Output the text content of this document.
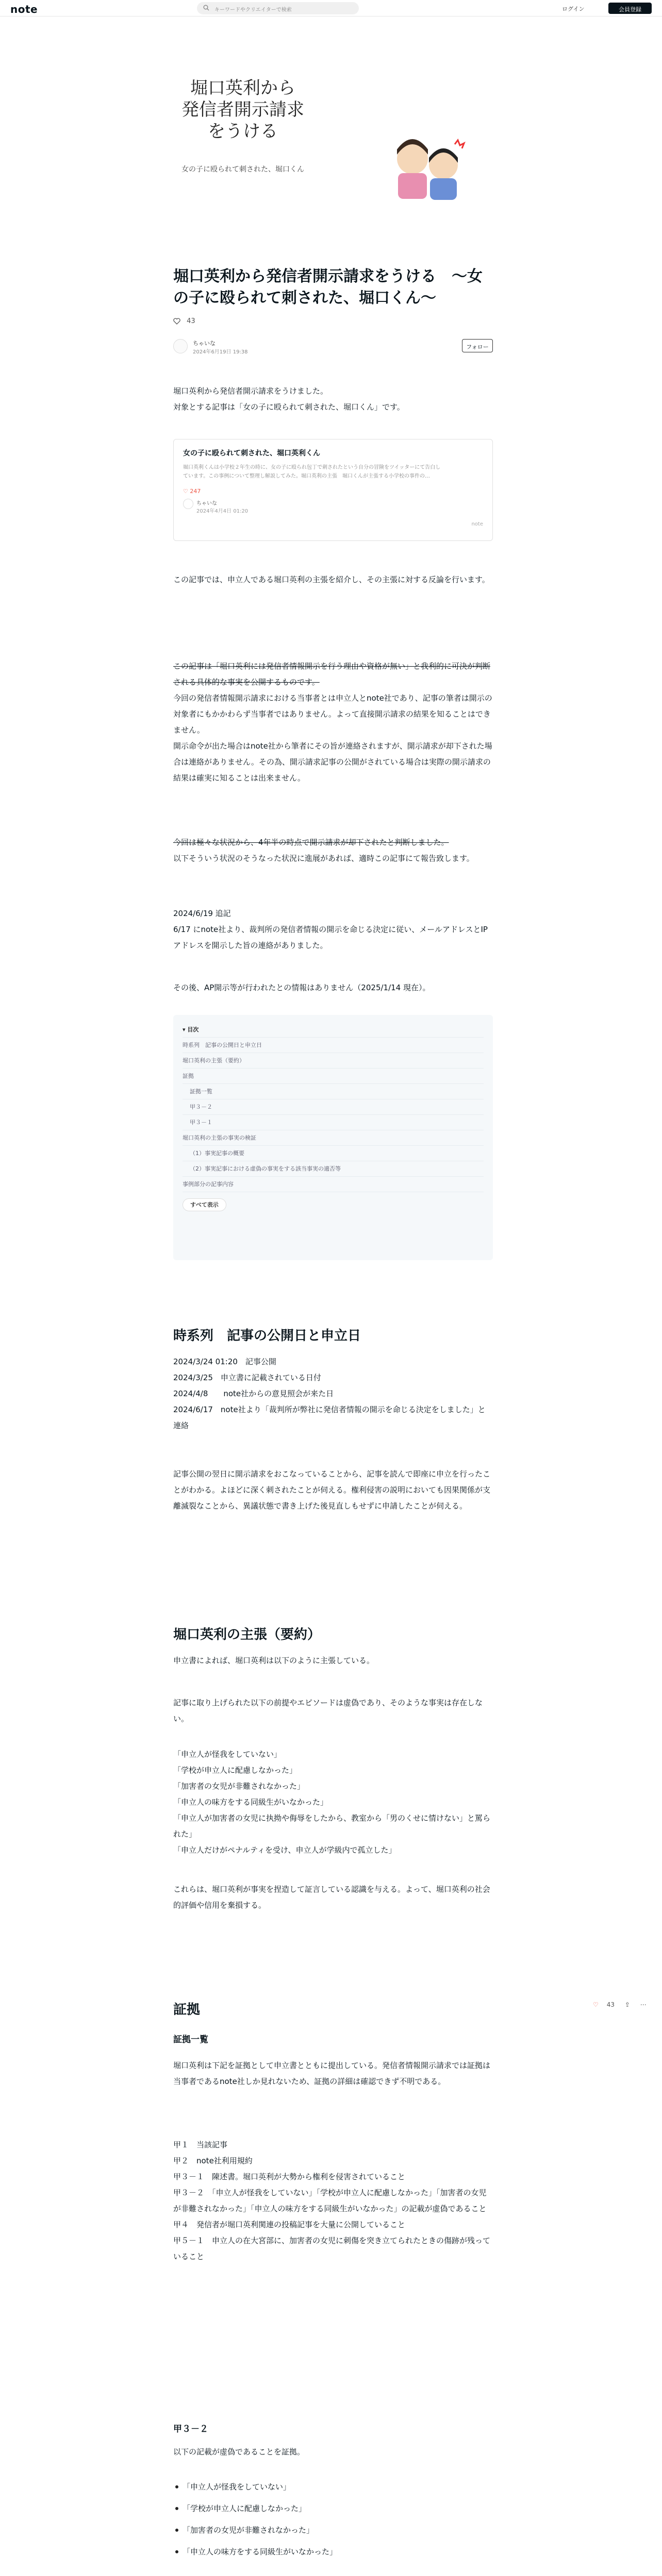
note	キーワードやクリエイターで検索	ログイン	会員登録
堀口英利から
発信者開示請求
をうける
女の子に殴られて刺された、堀口くん
堀口英利から発信者開示請求をうける　～女の子に殴られて刺された、堀口くん～
43
ちゃいな
2024年6月19日 19:38
フォロー
堀口英利から発信者開示請求をうけました。
対象とする記事は「女の子に殴られて刺された、堀口くん」です。
女の子に殴られて刺された、堀口英利くん
堀口英利くんは小学校２年生の時に、女の子に殴られ包丁で刺されたという自分の冒険をツイッターにて告白しています。この事例について整理し解説してみた。堀口英利の主張　堀口くんが主張する小学校の事件の…
♡ 247
ちゃいな
2024年4月4日 01:20
note
この記事では、申立人である堀口英利の主張を紹介し、その主張に対する反論を行います。
この記事は「堀口英利には発信者情報開示を行う理由や資格が無い」と我利的に可決が判断される具体的な事実を公開するものです。
今回の発信者情報開示請求における当事者とは申立人とnote社であり、記事の筆者は開示の対象者にもかかわらず当事者ではありません。よって直接開示請求の結果を知ることはできません。
開示命令が出た場合はnote社から筆者にその旨が連絡されますが、開示請求が却下された場合は連絡がありません。その為、開示請求記事の公開がされている場合は実際の開示請求の結果は確実に知ることは出来ません。
今回は極々な状況から、4年半の時点で開示請求が却下されたと判断しました。
以下そういう状況のそうなった状況に進展があれば、適時この記事にて報告致します。
2024/6/19 追記
6/17 にnote社より、裁判所の発信者情報の開示を命じる決定に従い、メールアドレスとIPアドレスを開示した旨の連絡がありました。
その後、AP開示等が行われたとの情報はありません（2025/1/14 現在）。
▾ 目次
時系列　記事の公開日と申立日
堀口英利の主張（要約）
証拠
証拠一覧
甲３－２
甲３－１
堀口英利の主張の事実の検証
（1）事実記事の概要
（2）事実記事における虚偽の事実をする該当事実の適否等
事例部分の記事内容
すべて表示
時系列　記事の公開日と申立日
2024/3/24 01:20　記事公開
2024/3/25　申立書に記載されている日付
2024/4/8　　note社からの意見照会が来た日
2024/6/17　note社より「裁判所が弊社に発信者情報の開示を命じる決定をしました」と連絡
記事公開の翌日に開示請求をおこなっていることから、記事を読んで即座に申立を行ったことがわかる。よほどに深く刺されたことが伺える。権利侵害の説明においても因果関係が支離滅裂なことから、異議状態で書き上げた後見直しもせずに申請したことが伺える。
堀口英利の主張（要約）
申立書によれば、堀口英利は以下のように主張している。
記事に取り上げられた以下の前提やエピソードは虚偽であり、そのような事実は存在しない。
「申立人が怪我をしていない」
「学校が申立人に配慮しなかった」
「加害者の女児が非難されなかった」
「申立人の味方をする同級生がいなかった」
「申立人が加害者の女児に执拗や侮辱をしたから、教室から「男のくせに情けない」と罵られた」
「申立人だけがペナルティを受け、申立人が学級内で孤立した」
これらは、堀口英利が事実を捏造して証言している認識を与える。よって、堀口英利の社会的評価や信用を棄損する。
証拠	♡ 43 ⇪ ⋯
証拠一覧
堀口英利は下記を証拠として申立書とともに提出している。発信者情報開示請求では証拠は当事者であるnote社しか見れないため、証拠の詳細は確認できず不明である。
甲１　当該記事
甲２　note社利用規約
甲３－１　陳述書。堀口英利が大勢から権利を侵害されていること
甲３－２　「申立人が怪我をしていない」「学校が申立人に配慮しなかった」「加害者の女児が非難されなかった」「申立人の味方をする同級生がいなかった」の記載が虚偽であること
甲４　発信者が堀口英利関連の投稿記事を大量に公開していること
甲５－１　申立人の在大宮部に、加害者の女児に刺傷を突き立てられたときの傷跡が残っていること
甲３－２
以下の記載が虚偽であることを証拠。
「申立人が怪我をしていない」
「学校が申立人に配慮しなかった」
「加害者の女児が非難されなかった」
「申立人の味方をする同級生がいなかった」
